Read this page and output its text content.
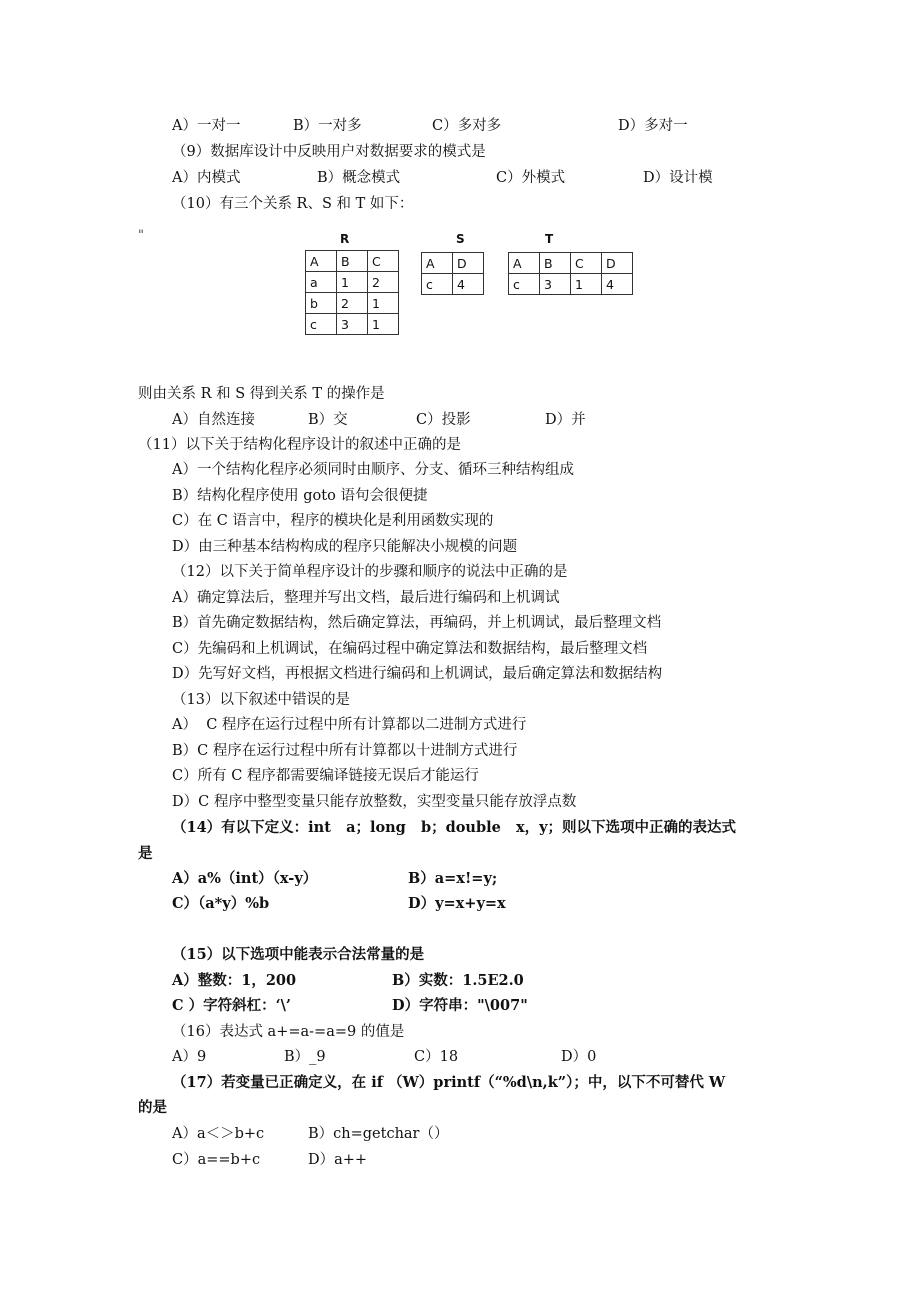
A）一对一	B）一对多	C）多对多	D）多对一
（9）数据库设计中反映用户对数据要求的模式是
A）内模式	B）概念模式	C）外模式	D）设计模
（10）有三个关系 R、S 和 T 如下：
"	R
A	B	C
a	1	2
b	2	1
c	3	1
S
A	D
c	4
T
A	B	C	D
c	3	1	4
则由关系 R 和 S 得到关系 T 的操作是
A）自然连接	B）交	C）投影	D）并
（11）以下关于结构化程序设计的叙述中正确的是
A）一个结构化程序必须同时由顺序、分支、循环三种结构组成
B）结构化程序使用 goto 语句会很便捷
C）在 C 语言中，程序的模块化是利用函数实现的
D）由三种基本结构构成的程序只能解决小规模的问题
（12）以下关于简单程序设计的步骤和顺序的说法中正确的是
A）确定算法后，整理并写出文档，最后进行编码和上机调试
B）首先确定数据结构，然后确定算法，再编码，并上机调试，最后整理文档
C）先编码和上机调试，在编码过程中确定算法和数据结构，最后整理文档
D）先写好文档，再根据文档进行编码和上机调试，最后确定算法和数据结构
（13）以下叙述中错误的是
A）  C 程序在运行过程中所有计算都以二进制方式进行
B）C 程序在运行过程中所有计算都以十进制方式进行
C）所有 C 程序都需要编译链接无误后才能运行
D）C 程序中整型变量只能存放整数，实型变量只能存放浮点数
（14）有以下定义：int   a；long   b；double   x，y；则以下选项中正确的表达式
是
A）a%（int）（x-y）	B）a=x!=y;
C）（a*y）%b	D）y=x+y=x
（15）以下选项中能表示合法常量的是
A）整数：1，200	B）实数：1.5E2.0
C ）字符斜杠：‘\’	D）字符串："\007"
（16）表达式 a+=a-=a=9 的值是
A）9	B）_9	C）18	D）0
（17）若变量已正确定义，在 if （W）printf（“%d\n,k”）；中，以下不可替代 W
的是
A）a＜＞b+c	B）ch=getchar（）
C）a==b+c	D）a++
